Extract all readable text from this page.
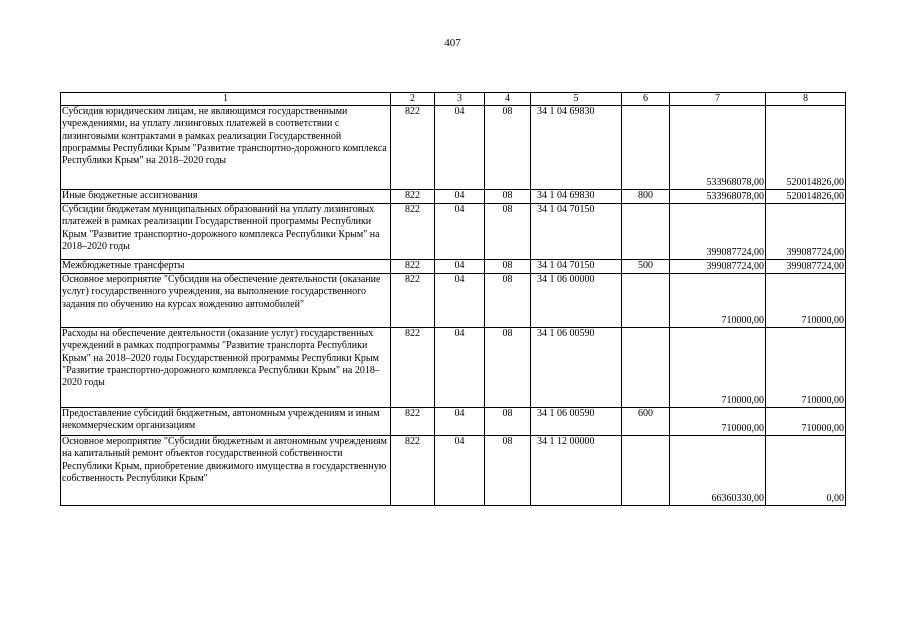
407
1	2	3	4	5	6	7	8
Субсидия юридическим лицам, не являющимся государственными учреждениями, на уплату лизинговых платежей в соответствии с лизинговыми контрактами в рамках реализации Государственной программы Республики Крым "Развитие транспортно-дорожного комплекса Республики Крым" на 2018–2020 годы	822	04	08	34 1 04 69830		533968078,00	520014826,00
Иные бюджетные ассигнования	822	04	08	34 1 04 69830	800	533968078,00	520014826,00
Субсидии бюджетам муниципальных образований на уплату лизинговых платежей в рамках реализации Государственной программы Республики Крым "Развитие транспортно-дорожного комплекса Республики Крым" на 2018–2020 годы	822	04	08	34 1 04 70150		399087724,00	399087724,00
Межбюджетные трансферты	822	04	08	34 1 04 70150	500	399087724,00	399087724,00
Основное мероприятие "Субсидия на обеспечение деятельности (оказание услуг) государственного учреждения, на выполнение государственного задания по обучению на курсах вождению автомобилей"	822	04	08	34 1 06 00000		710000,00	710000,00
Расходы на обеспечение деятельности (оказание услуг) государственных учреждений в рамках подпрограммы "Развитие транспорта Республики Крым" на 2018–2020 годы Государственной программы Республики Крым "Развитие транспортно-дорожного комплекса Республики Крым" на 2018–2020 годы	822	04	08	34 1 06 00590		710000,00	710000,00
Предоставление субсидий бюджетным, автономным учреждениям и иным некоммерческим организациям	822	04	08	34 1 06 00590	600	710000,00	710000,00
Основное мероприятие "Субсидии бюджетным и автономным учреждениям на капитальный ремонт объектов государственной собственности Республики Крым, приобретение движимого имущества в государственную собственность Республики Крым"	822	04	08	34 1 12 00000		66360330,00	0,00
